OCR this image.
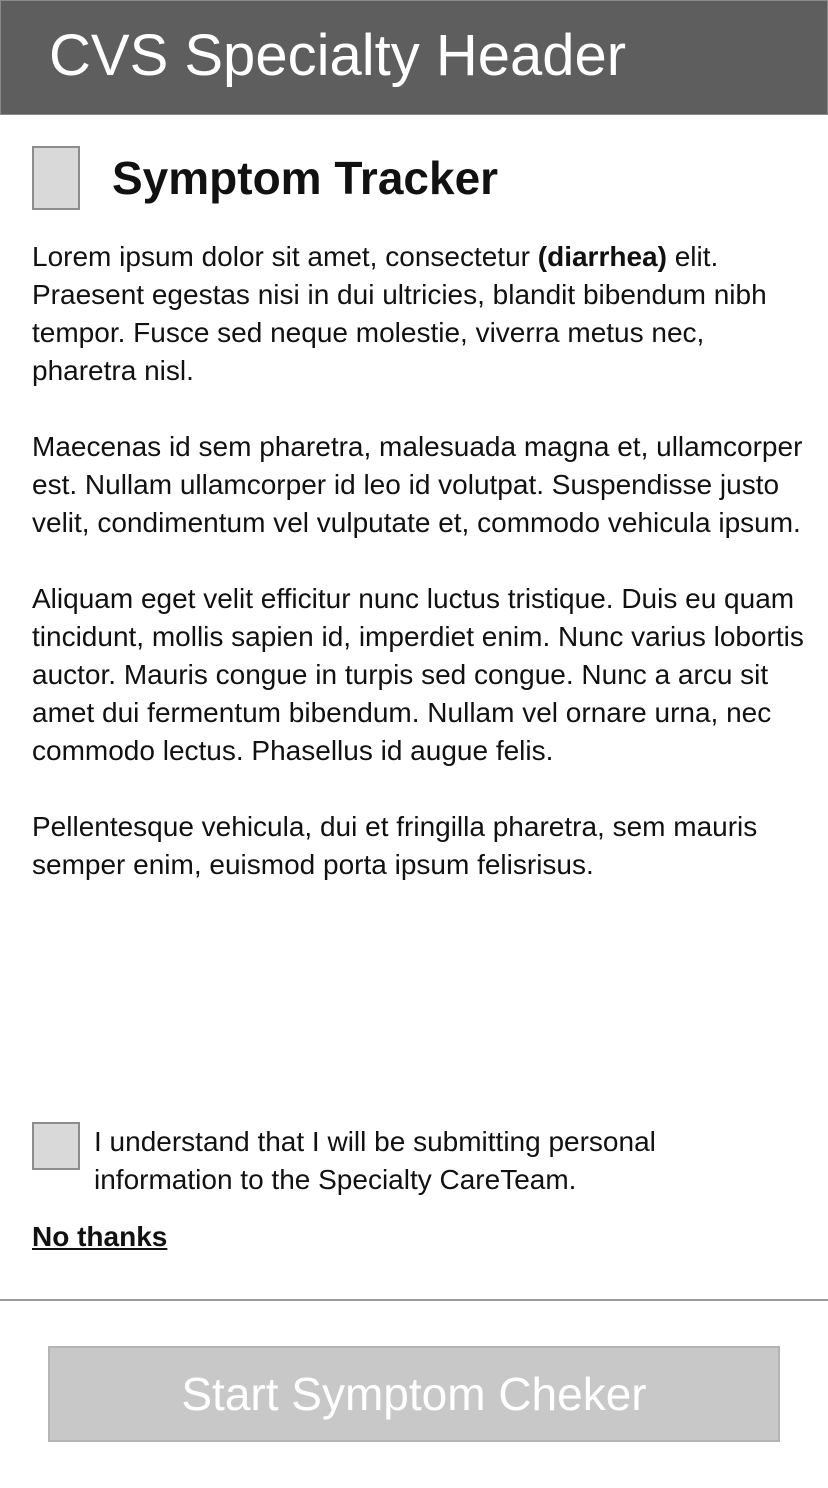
CVS Specialty Header
Symptom Tracker

Lorem ipsum dolor sit amet, consectetur (diarrhea) elit. Praesent egestas nisi in dui ultricies, blandit bibendum nibh tempor. Fusce sed neque molestie, viverra metus nec, pharetra nisl.

Maecenas id sem pharetra, malesuada magna et, ullamcorper est. Nullam ullamcorper id leo id volutpat. Suspendisse justo velit, condimentum vel vulputate et, commodo vehicula ipsum.

Aliquam eget velit efficitur nunc luctus tristique. Duis eu quam tincidunt, mollis sapien id, imperdiet enim. Nunc varius lobortis auctor. Mauris congue in turpis sed congue. Nunc a arcu sit amet dui fermentum bibendum. Nullam vel ornare urna, nec commodo lectus. Phasellus id augue felis.

Pellentesque vehicula, dui et fringilla pharetra, sem mauris semper enim, euismod porta ipsum felisrisus.

I understand that I will be submitting personal information to the Specialty CareTeam.
No thanks
Start Symptom Cheker
